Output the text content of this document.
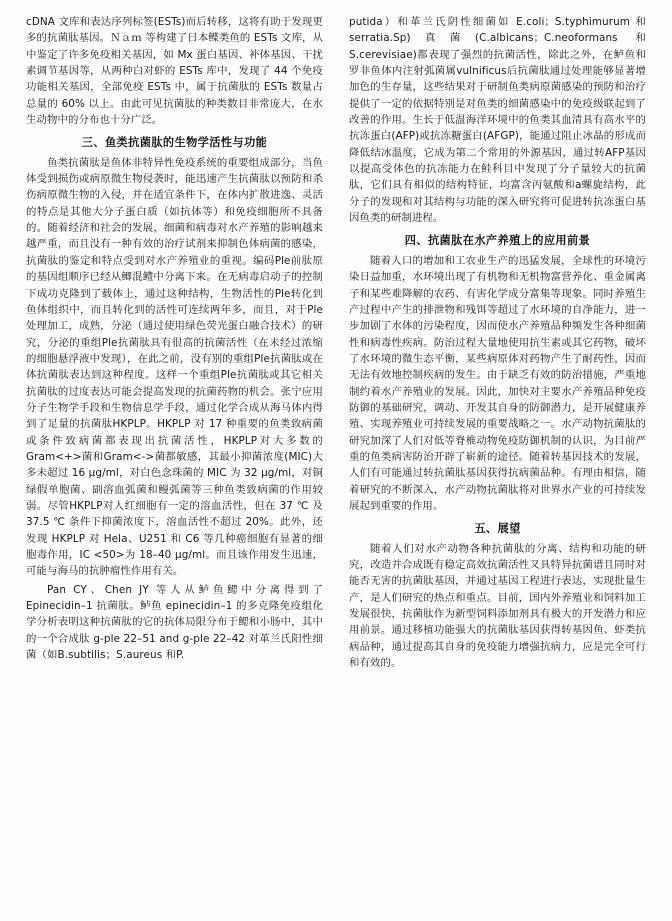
cDNA 文库和表达序列标签(ESTs)而后转移，这将有助于发现更多的抗菌肽基因。Ｎａｍ 等构建了日本鲽类鱼的 ESTs 文库，从中鉴定了许多免疫相关基因，如 Mx 蛋白基因、补体基因、干扰素调节基因等，从两种白对虾的 ESTs 库中，发现了 44 个免疫功能相关基因，全部免疫 ESTs 中，属于抗菌肽的 ESTs 数量占总量的 60% 以上。由此可见抗菌肽的种类数目非常庞大，在水生动物中的分布也十分广泛。

三、鱼类抗菌肽的生物学活性与功能

鱼类抗菌肽是鱼体非特异性免疫系统的重要组成部分，当鱼体受到损伤或病原微生物侵袭时，能迅速产生抗菌肽以预防和杀伤病原微生物的入侵，并在适宜条件下，在体内扩散进逸、灵活的特点是其他大分子蛋白质（如抗体等）和免疫细胞所不具备的。随着经济和社会的发展，细菌和病毒对水产养殖的影响越来越严重，而且没有一种有效的治疗试剂来抑制色体病菌的感染，抗菌肽的鉴定和特点受到对水产养殖业的重视。编码Ple前肽原的基因组顺序已经从鲫混鳢中分离下来。在无病毒启动子的控制下成功克隆到了载体上，通过这种结构，生物活性的Ple转化到鱼体组织中，而且转化到的活性可连续两年多，而且，对于Ple处理加工，成熟，分泌（通过使用绿色荧光蛋白融合技术）的研究，分泌的重组Ple抗菌肽具有很高的抗菌活性（在未经过浓缩的细胞悬浮液中发现），在此之前，没有别的重组Ple抗菌肽或在体抗菌肽表达到这种程度。这样一个重组Ple抗菌肽或其它相关抗菌肽的过度表达可能会提高发现的抗菌药物的机会。张宁应用分子生物学手段和生物信息学手段，通过化学合成从海马体内得到了足量的抗菌肽HKPLP。HKPLP 对 17 种重要的鱼类致病菌或条件致病菌都表现出抗菌活性，HKPLP对大多数的Gram<+>菌和Gram<->菌都敏感，其最小抑菌浓度(MIC)大多未超过 16 μg/ml，对白色念珠菌的 MIC 为 32 μg/ml，对铜绿假单胞菌、副溶血弧菌和鳗弧菌等三种鱼类致病菌的作用较弱。尽管HKPLP对人红细胞有一定的溶血活性，但在 37 ℃ 及 37.5 ℃ 条件下抑菌浓度下，溶血活性不超过 20%。此外，还发现 HKPLP 对 Hela、U251 和 C6 等几种癌细胞有显著的细胞毒作用，IC <50>为 18–40 μg/ml。而且该作用发生迅速，可能与海马的抗肿瘤性作用有关。

Pan CY、Chen JY 等人从鲈鱼鳃中分离得到了 Epinecidin–1 抗菌肽。鲈鱼 epinecidin–1 的多克隆免疫组化学分析表明这种抗菌肽的它的抗体局限分布于鳃和小肠中，其中的一个合成肽 g-ple 22–51 and g-ple 22–42 对革兰氏阳性细菌（如B.subtilis；S.aureus 和P.

putida）和革兰氏阴性细菌如 E.coli；S.typhimurum 和 serratia.Sp)真菌(C.albicans；C.neoformans 和 S.cerevisiae)都表现了强烈的抗菌活性，除此之外，在鲈鱼和罗非鱼体内注射弧菌属vulnificus后抗菌肽通过处理能够显著增加色的生存量，这些结果对于研制鱼类病原菌感染的预防和治疗提供了一定的依据特别是对鱼类的细菌感染中的免疫级联起到了改善的作用。生长于低温海洋环境中的鱼类其血清具有高水平的抗冻蛋白(AFP)或抗冻糖蛋白(AFGP)，能通过阻止冰晶的形成而降低结冰温度，它成为第二个常用的外源基因，通过转AFP基因以提高受体色的抗冻能力在鲑科目中发现了分子量较大的抗菌肽，它们具有相似的结构特征，均富含丙氨酸和a螺旋结构，此分子的发现和对其结构与功能的深入研究将可促进转抗冻蛋白基因鱼类的研制进程。

四、抗菌肽在水产养殖上的应用前景

随着人口的增加和工农业生产的迅猛发展，全球性的环境污染日益加重，水环境出现了有机物和无机物富营养化、重金属离子和某些难降解的农药、有害化学成分富集等现象。同时养殖生产过程中产生的排泄物和残饵等超过了水环境的自净能力，进一步加剧了水体的污染程度，因而使水产养殖品种频发生各种细菌性和病毒性疾病。防治过程大量地使用抗生素或其它药物，破坏了水环境的微生态平衡，某些病原体对药物产生了耐药性，因而无法有效地控制疾病的发生。由于缺乏有效的防治措施，严重地制约着水产养殖业的发展。因此，加快对主要水产养殖品种免疫防御的基础研究，调动、开发其自身的防御潜力，是开展健康养殖、实现养殖业可持续发展的重要战略之一。水产动物抗菌肽的研究加深了人们对低等脊椎动物免疫防御机制的认识，为目前严重的鱼类病害防治开辟了崭新的途径。随着转基因技术的发展，人们有可能通过转抗菌肽基因获得抗病菌品种。有理由相信，随着研究的不断深入，水产动物抗菌肽将对世界水产业的可持续发展起到重要的作用。

五、展望

随着人们对水产动物各种抗菌肽的分离、结构和功能的研究，改造并合成既有稳定高效抗菌活性又具特异抗菌谱且同时对能否无害的抗菌肽基因，并通过基因工程进行表达，实现批量生产，是人们研究的热点和重点。目前，国内外养殖业和饲料加工发展很快，抗菌肽作为新型饲料添加剂具有极大的开发潜力和应用前景。通过移植功能强大的抗菌肽基因获得转基因鱼、虾类抗病品种，通过提高其自身的免疫能力增强抗病力，应是完全可行和有效的。
